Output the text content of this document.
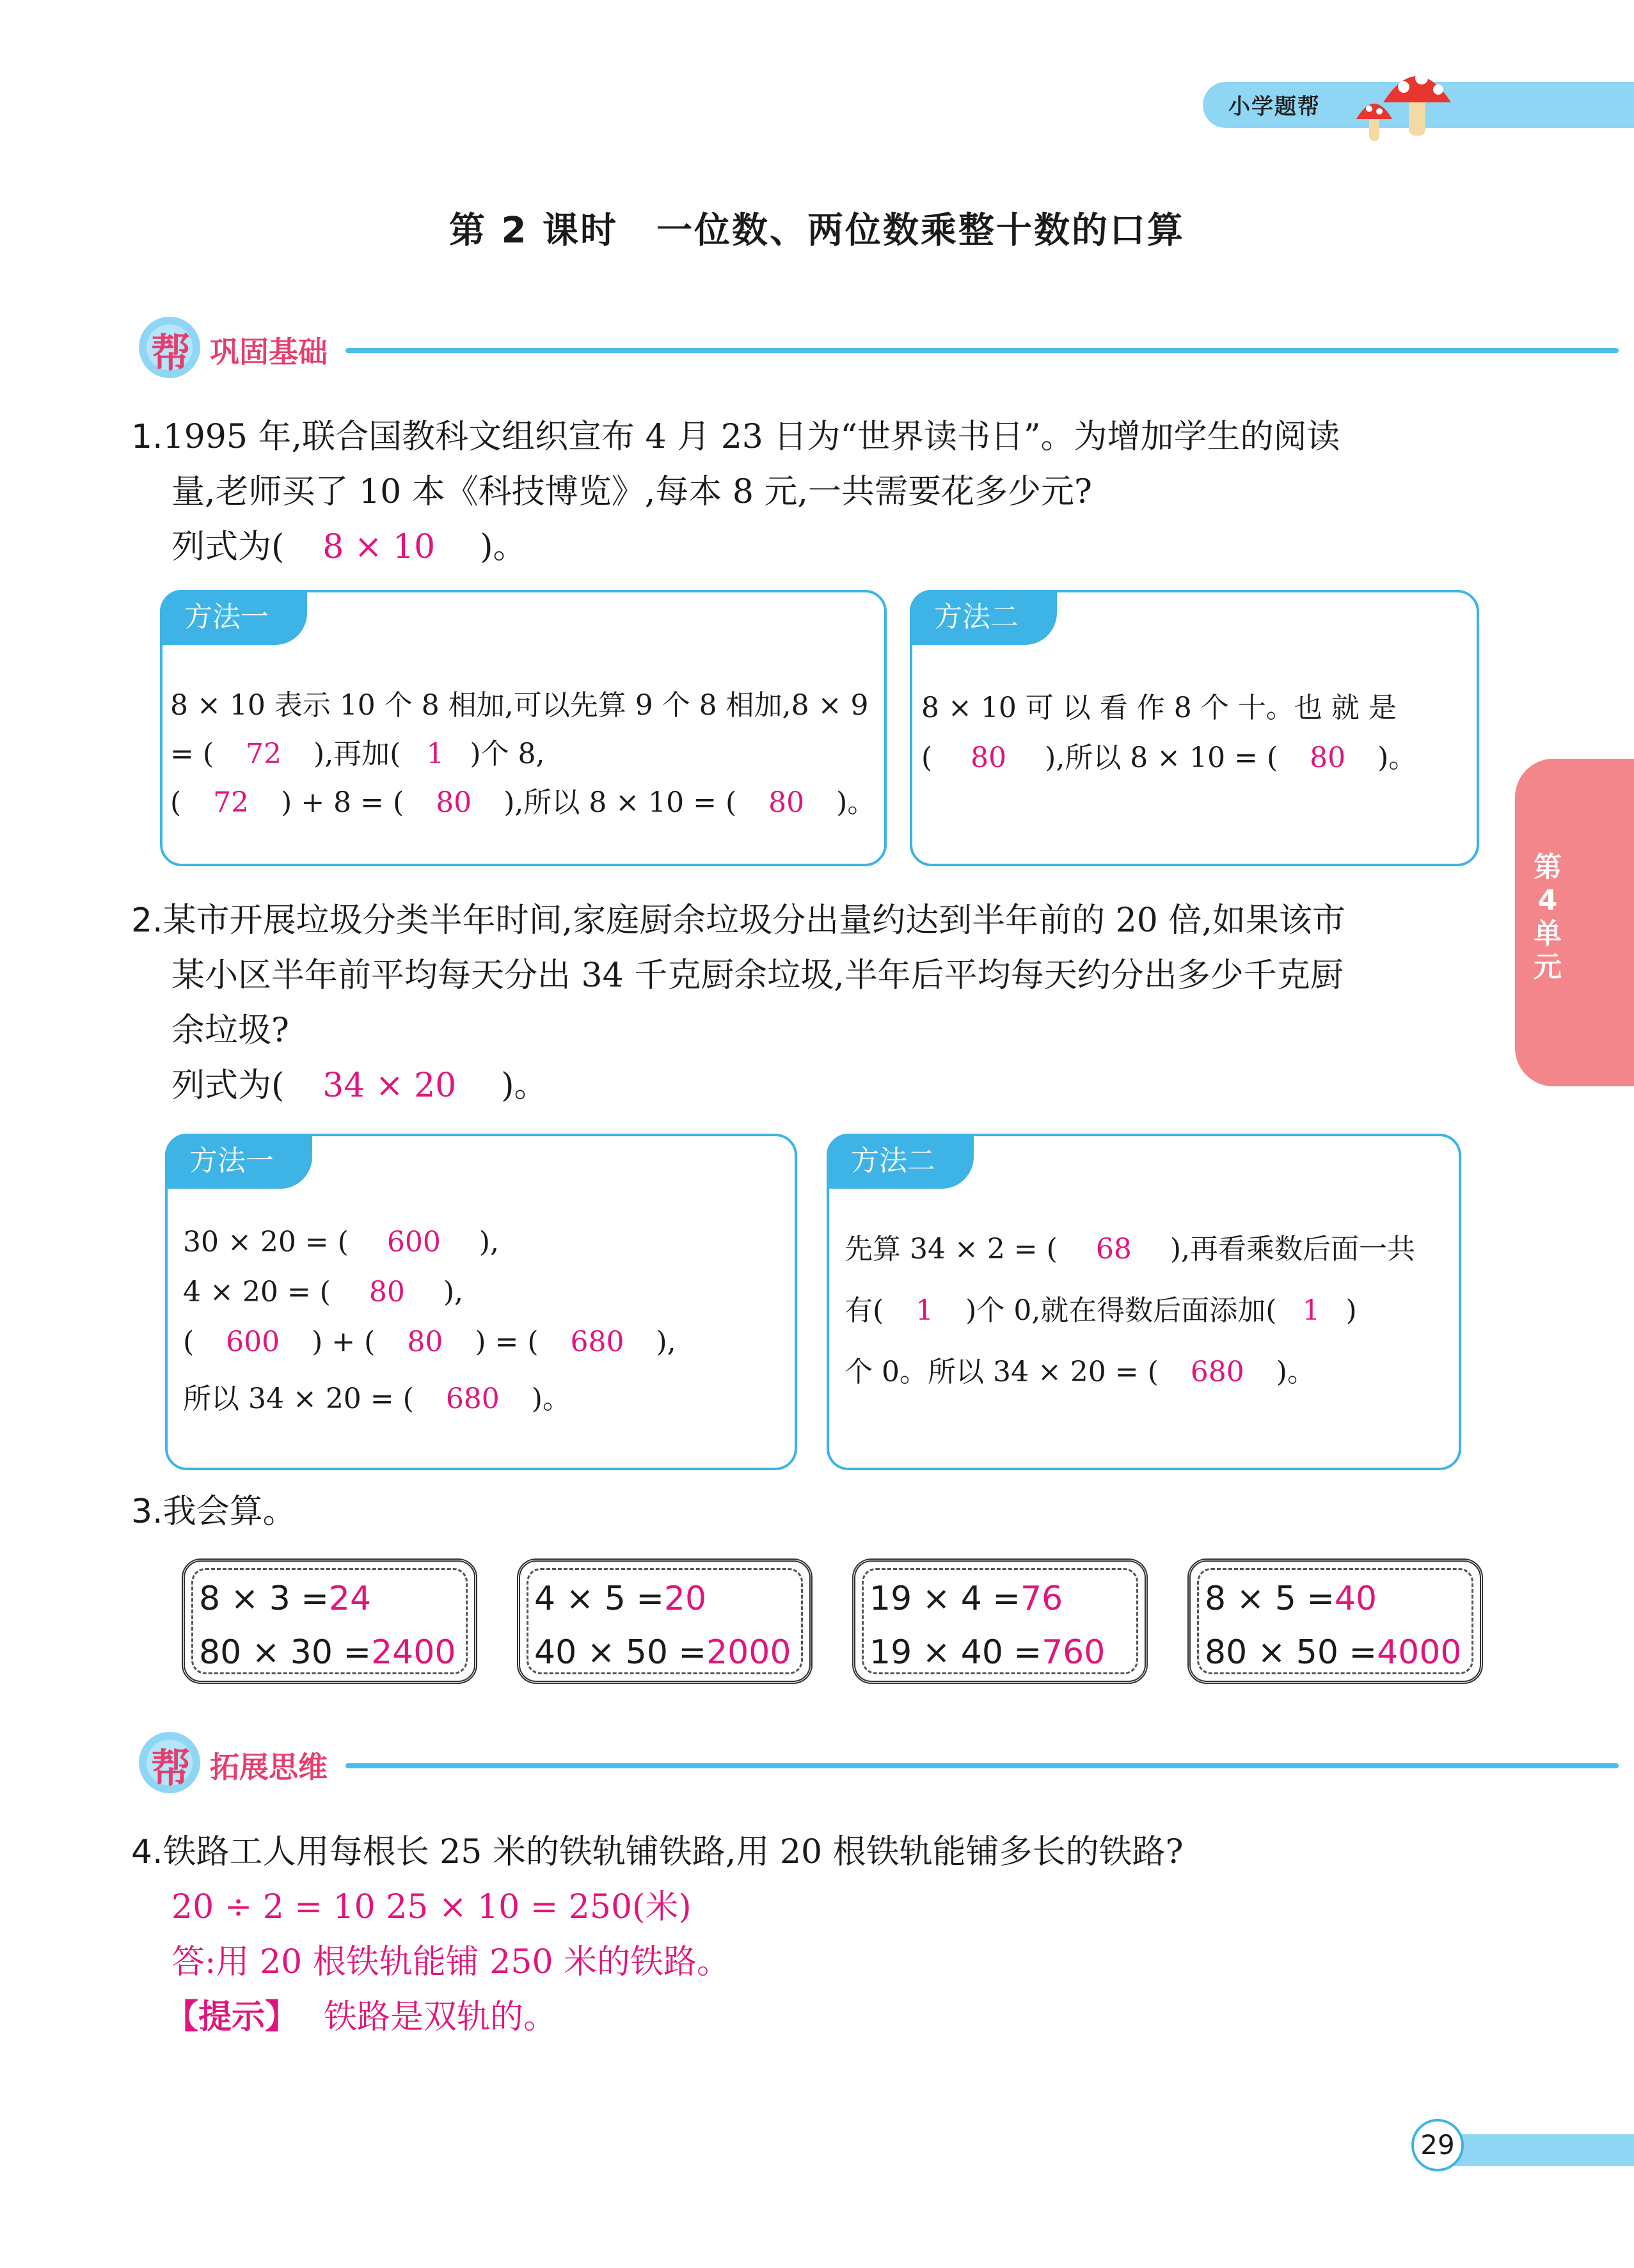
小学题帮
第 2 课时 一位数、两位数乘整十数的口算
帮 巩固基础
1.1995 年,联合国教科文组织宣布 4 月 23 日为“世界读书日”。为增加学生的阅读
量,老师买了 10 本《科技博览》,每本 8 元,一共需要花多少元?
列式为( 8 × 10 )。
方法一
8 × 10 表示 10 个 8 相加,可以先算 9 个 8 相加,8 × 9
= ( 72 ),再加( 1 )个 8,
( 72 ) + 8 = ( 80 ),所以 8 × 10 = ( 80 )。
方法二
8 × 10 可 以 看 作 8 个 十。也 就 是
( 80 ),所以 8 × 10 = ( 80 )。
2.某市开展垃圾分类半年时间,家庭厨余垃圾分出量约达到半年前的 20 倍,如果该市
某小区半年前平均每天分出 34 千克厨余垃圾,半年后平均每天约分出多少千克厨
余垃圾?
列式为( 34 × 20 )。
方法一
30 × 20 = ( 600 ),
4 × 20 = ( 80 ),
( 600 ) + ( 80 ) = ( 680 ),
所以 34 × 20 = ( 680 )。
方法二
先算 34 × 2 = ( 68 ),再看乘数后面一共
有( 1 )个 0,就在得数后面添加( 1 )
个 0。所以 34 × 20 = ( 680 )。
3.我会算。
8 × 3 =24
80 × 30 =2400
4 × 5 =20
40 × 50 =2000
19 × 4 =76
19 × 40 =760
8 × 5 =40
80 × 50 =4000
帮 拓展思维
4.铁路工人用每根长 25 米的铁轨铺铁路,用 20 根铁轨能铺多长的铁路?
20 ÷ 2 = 10 25 × 10 = 250(米)
答:用 20 根铁轨能铺 250 米的铁路。
【提示】 铁路是双轨的。
第
4
单
元
29
